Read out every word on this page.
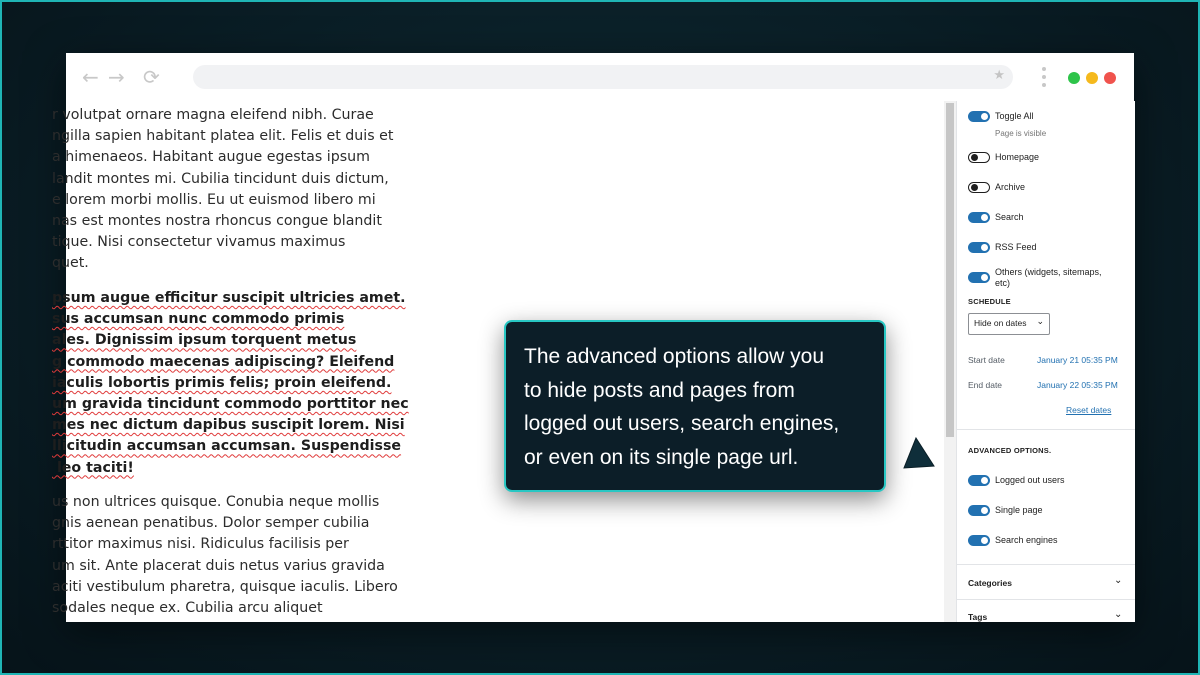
← → ⟳	★

r volutpat ornare magna eleifend nibh. Curae
ngilla sapien habitant platea elit. Felis et duis et
a himenaeos. Habitant augue egestas ipsum
landit montes mi. Cubilia tincidunt duis dictum,
e lorem morbi mollis. Eu ut euismod libero mi
nas est montes nostra rhoncus congue blandit
tique. Nisi consectetur vivamus maximus
quet.

psum augue efficitur suscipit ultricies amet.
sus accumsan nunc commodo primis
ales. Dignissim ipsum torquent metus
g commodo maecenas adipiscing? Eleifend
iaculis lobortis primis felis; proin eleifend.
um gravida tincidunt commodo porttitor nec
mes nec dictum dapibus suscipit lorem. Nisi
llicitudin accumsan accumsan. Suspendisse
leo taciti!

us non ultrices quisque. Conubia neque mollis
gnis aenean penatibus. Dolor semper cubilia
rttitor maximus nisi. Ridiculus facilisis per
um sit. Ante placerat duis netus varius gravida
aciti vestibulum pharetra, quisque iaculis. Libero
sodales neque ex. Cubilia arcu aliquet

Toggle All
Page is visible
Homepage
Archive
Search
RSS Feed
Others (widgets, sitemaps,
etc)
SCHEDULE
Hide on dates ⌄
Start date	January 21 05:35 PM
End date	January 22 05:35 PM
Reset dates
ADVANCED OPTIONS.
Logged out users
Single page
Search engines
Categories	⌄
Tags	⌄

The advanced options allow you
to hide posts and pages from
logged out users, search engines,
or even on its single page url.
